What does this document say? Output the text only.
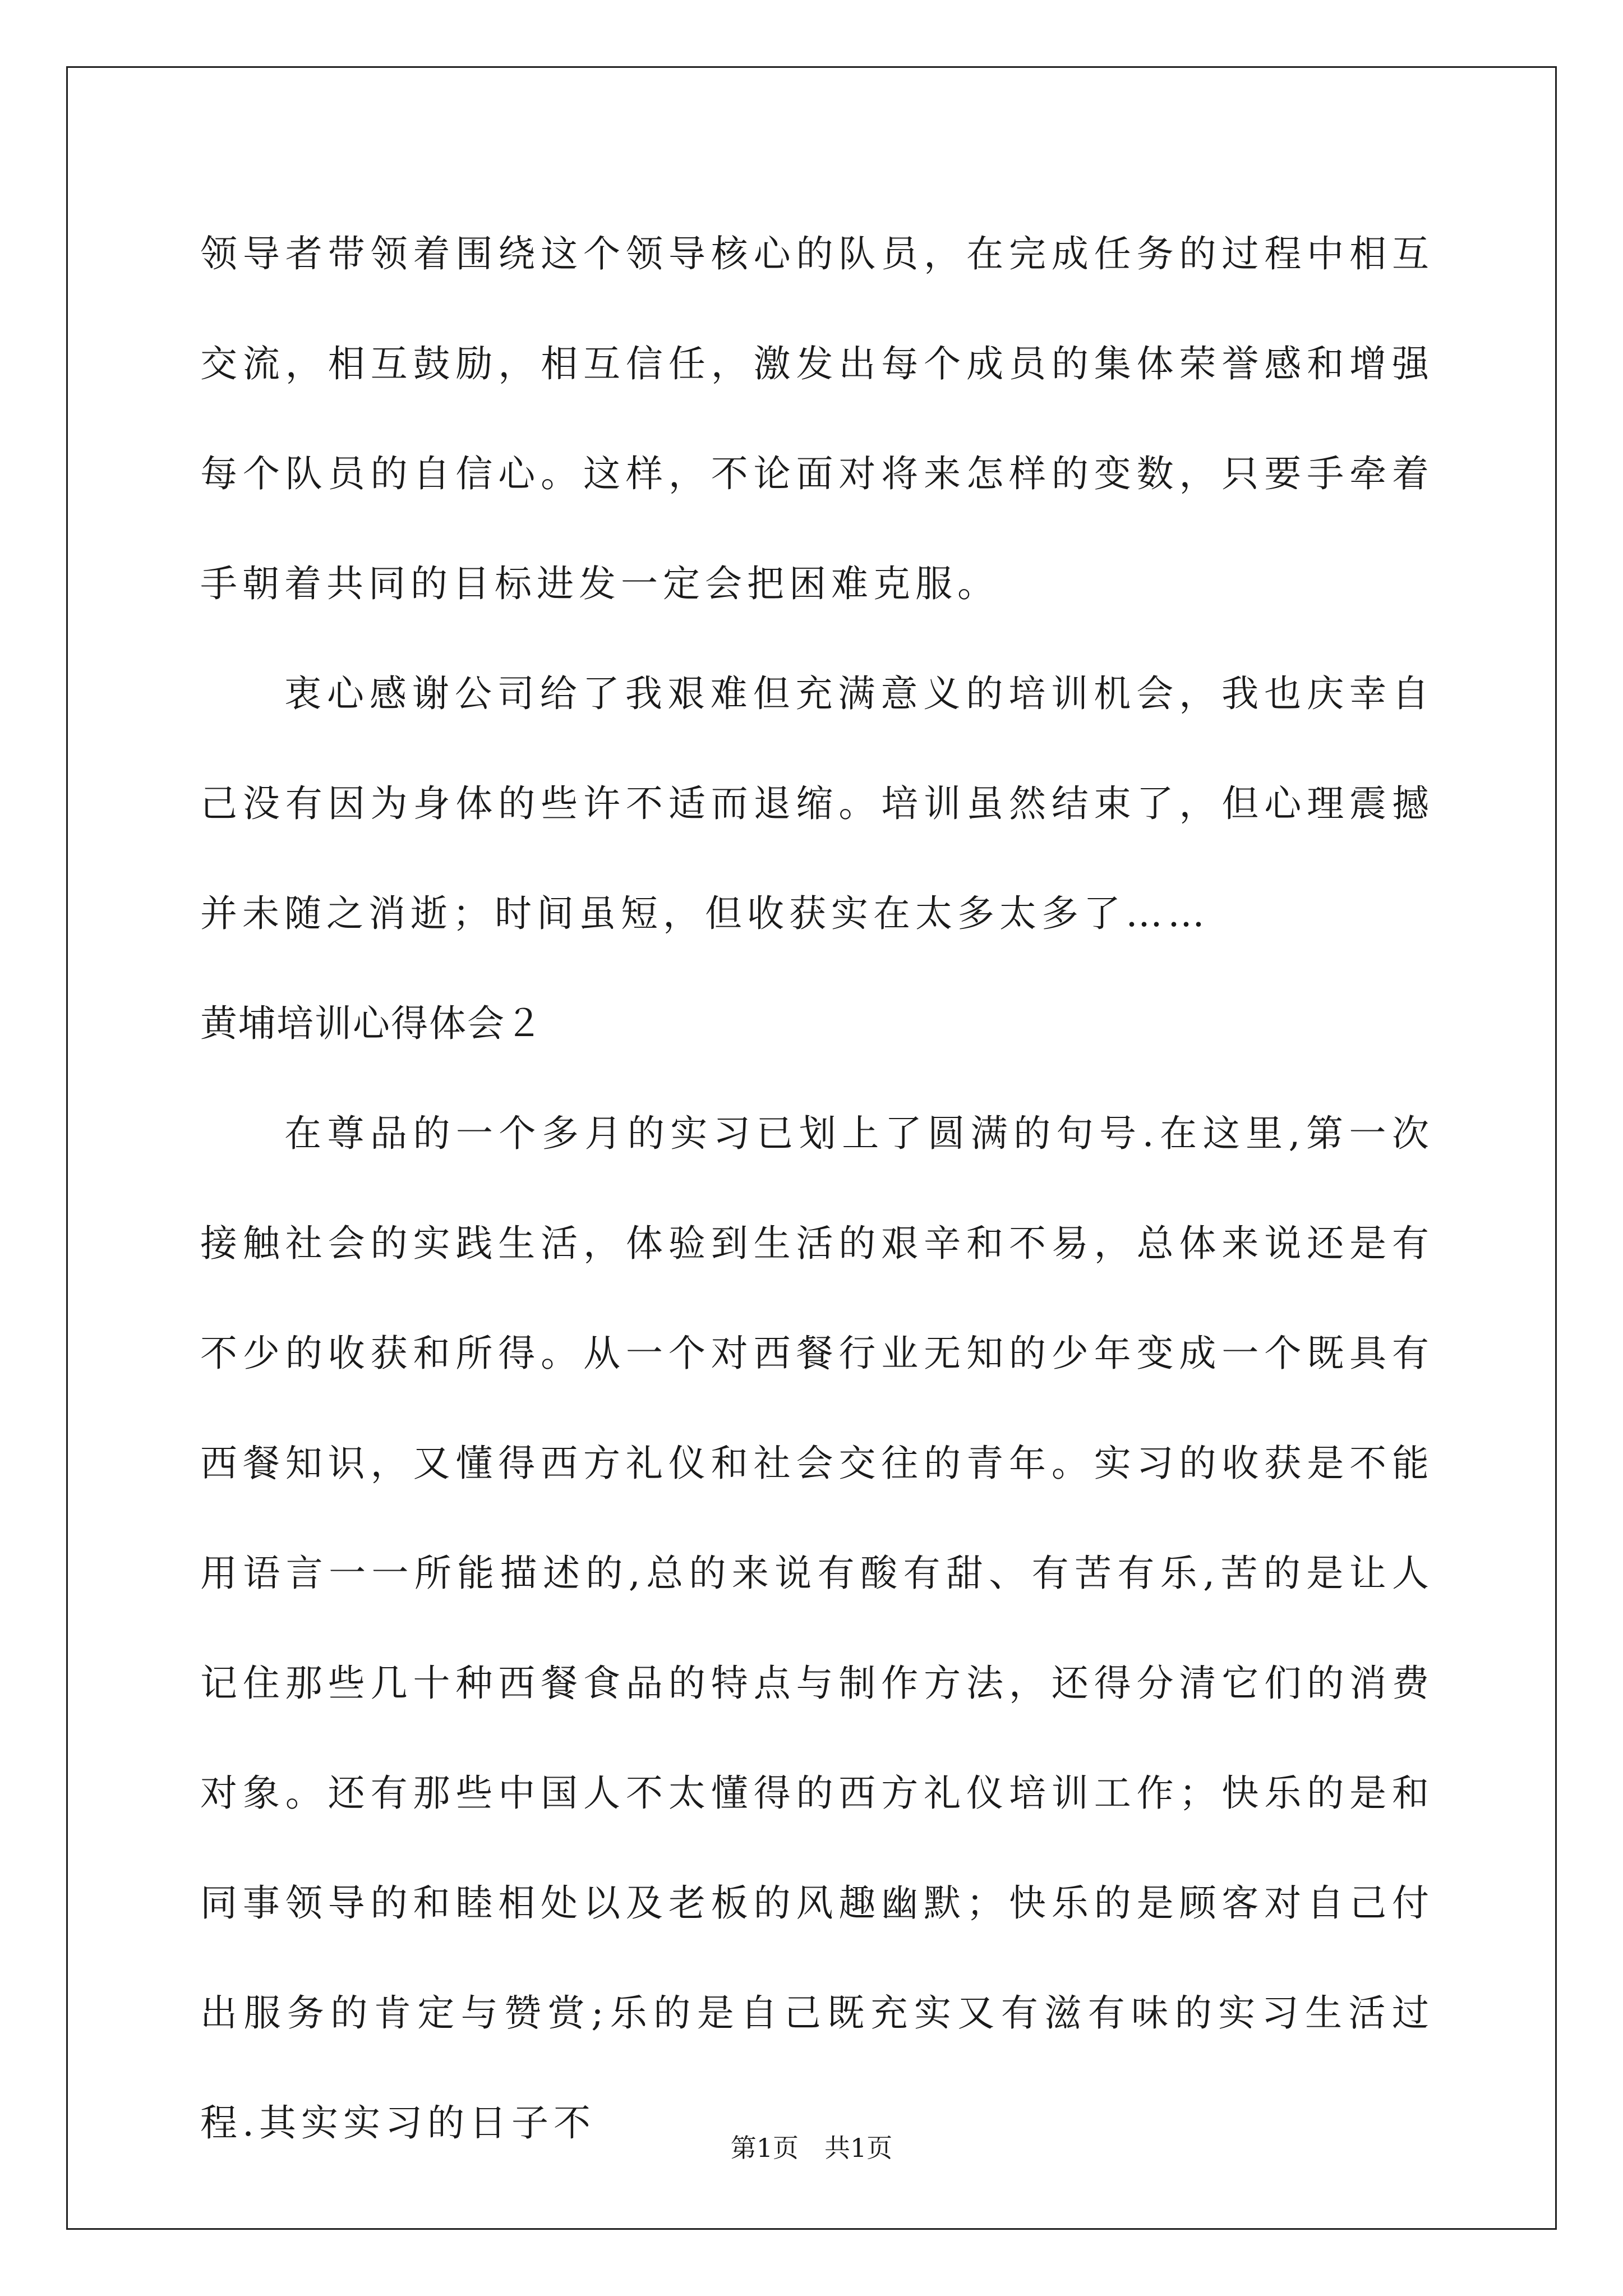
领导者带领着围绕这个领导核心的队员，在完成任务的过程中相互交流，相互鼓励，相互信任，激发出每个成员的集体荣誉感和增强每个队员的自信心。这样，不论面对将来怎样的变数，只要手牵着手朝着共同的目标进发一定会把困难克服。

衷心感谢公司给了我艰难但充满意义的培训机会，我也庆幸自己没有因为身体的些许不适而退缩。培训虽然结束了，但心理震撼并未随之消逝；时间虽短，但收获实在太多太多了……

黄埔培训心得体会２

在尊品的一个多月的实习已划上了圆满的句号.在这里,第一次接触社会的实践生活，体验到生活的艰辛和不易，总体来说还是有不少的收获和所得。从一个对西餐行业无知的少年变成一个既具有西餐知识，又懂得西方礼仪和社会交往的青年。实习的收获是不能用语言一一所能描述的,总的来说有酸有甜、有苦有乐,苦的是让人记住那些几十种西餐食品的特点与制作方法，还得分清它们的消费对象。还有那些中国人不太懂得的西方礼仪培训工作；快乐的是和同事领导的和睦相处以及老板的风趣幽默；快乐的是顾客对自己付出服务的肯定与赞赏;乐的是自己既充实又有滋有味的实习生活过程.其实实习的日子不

第1页　共1页
